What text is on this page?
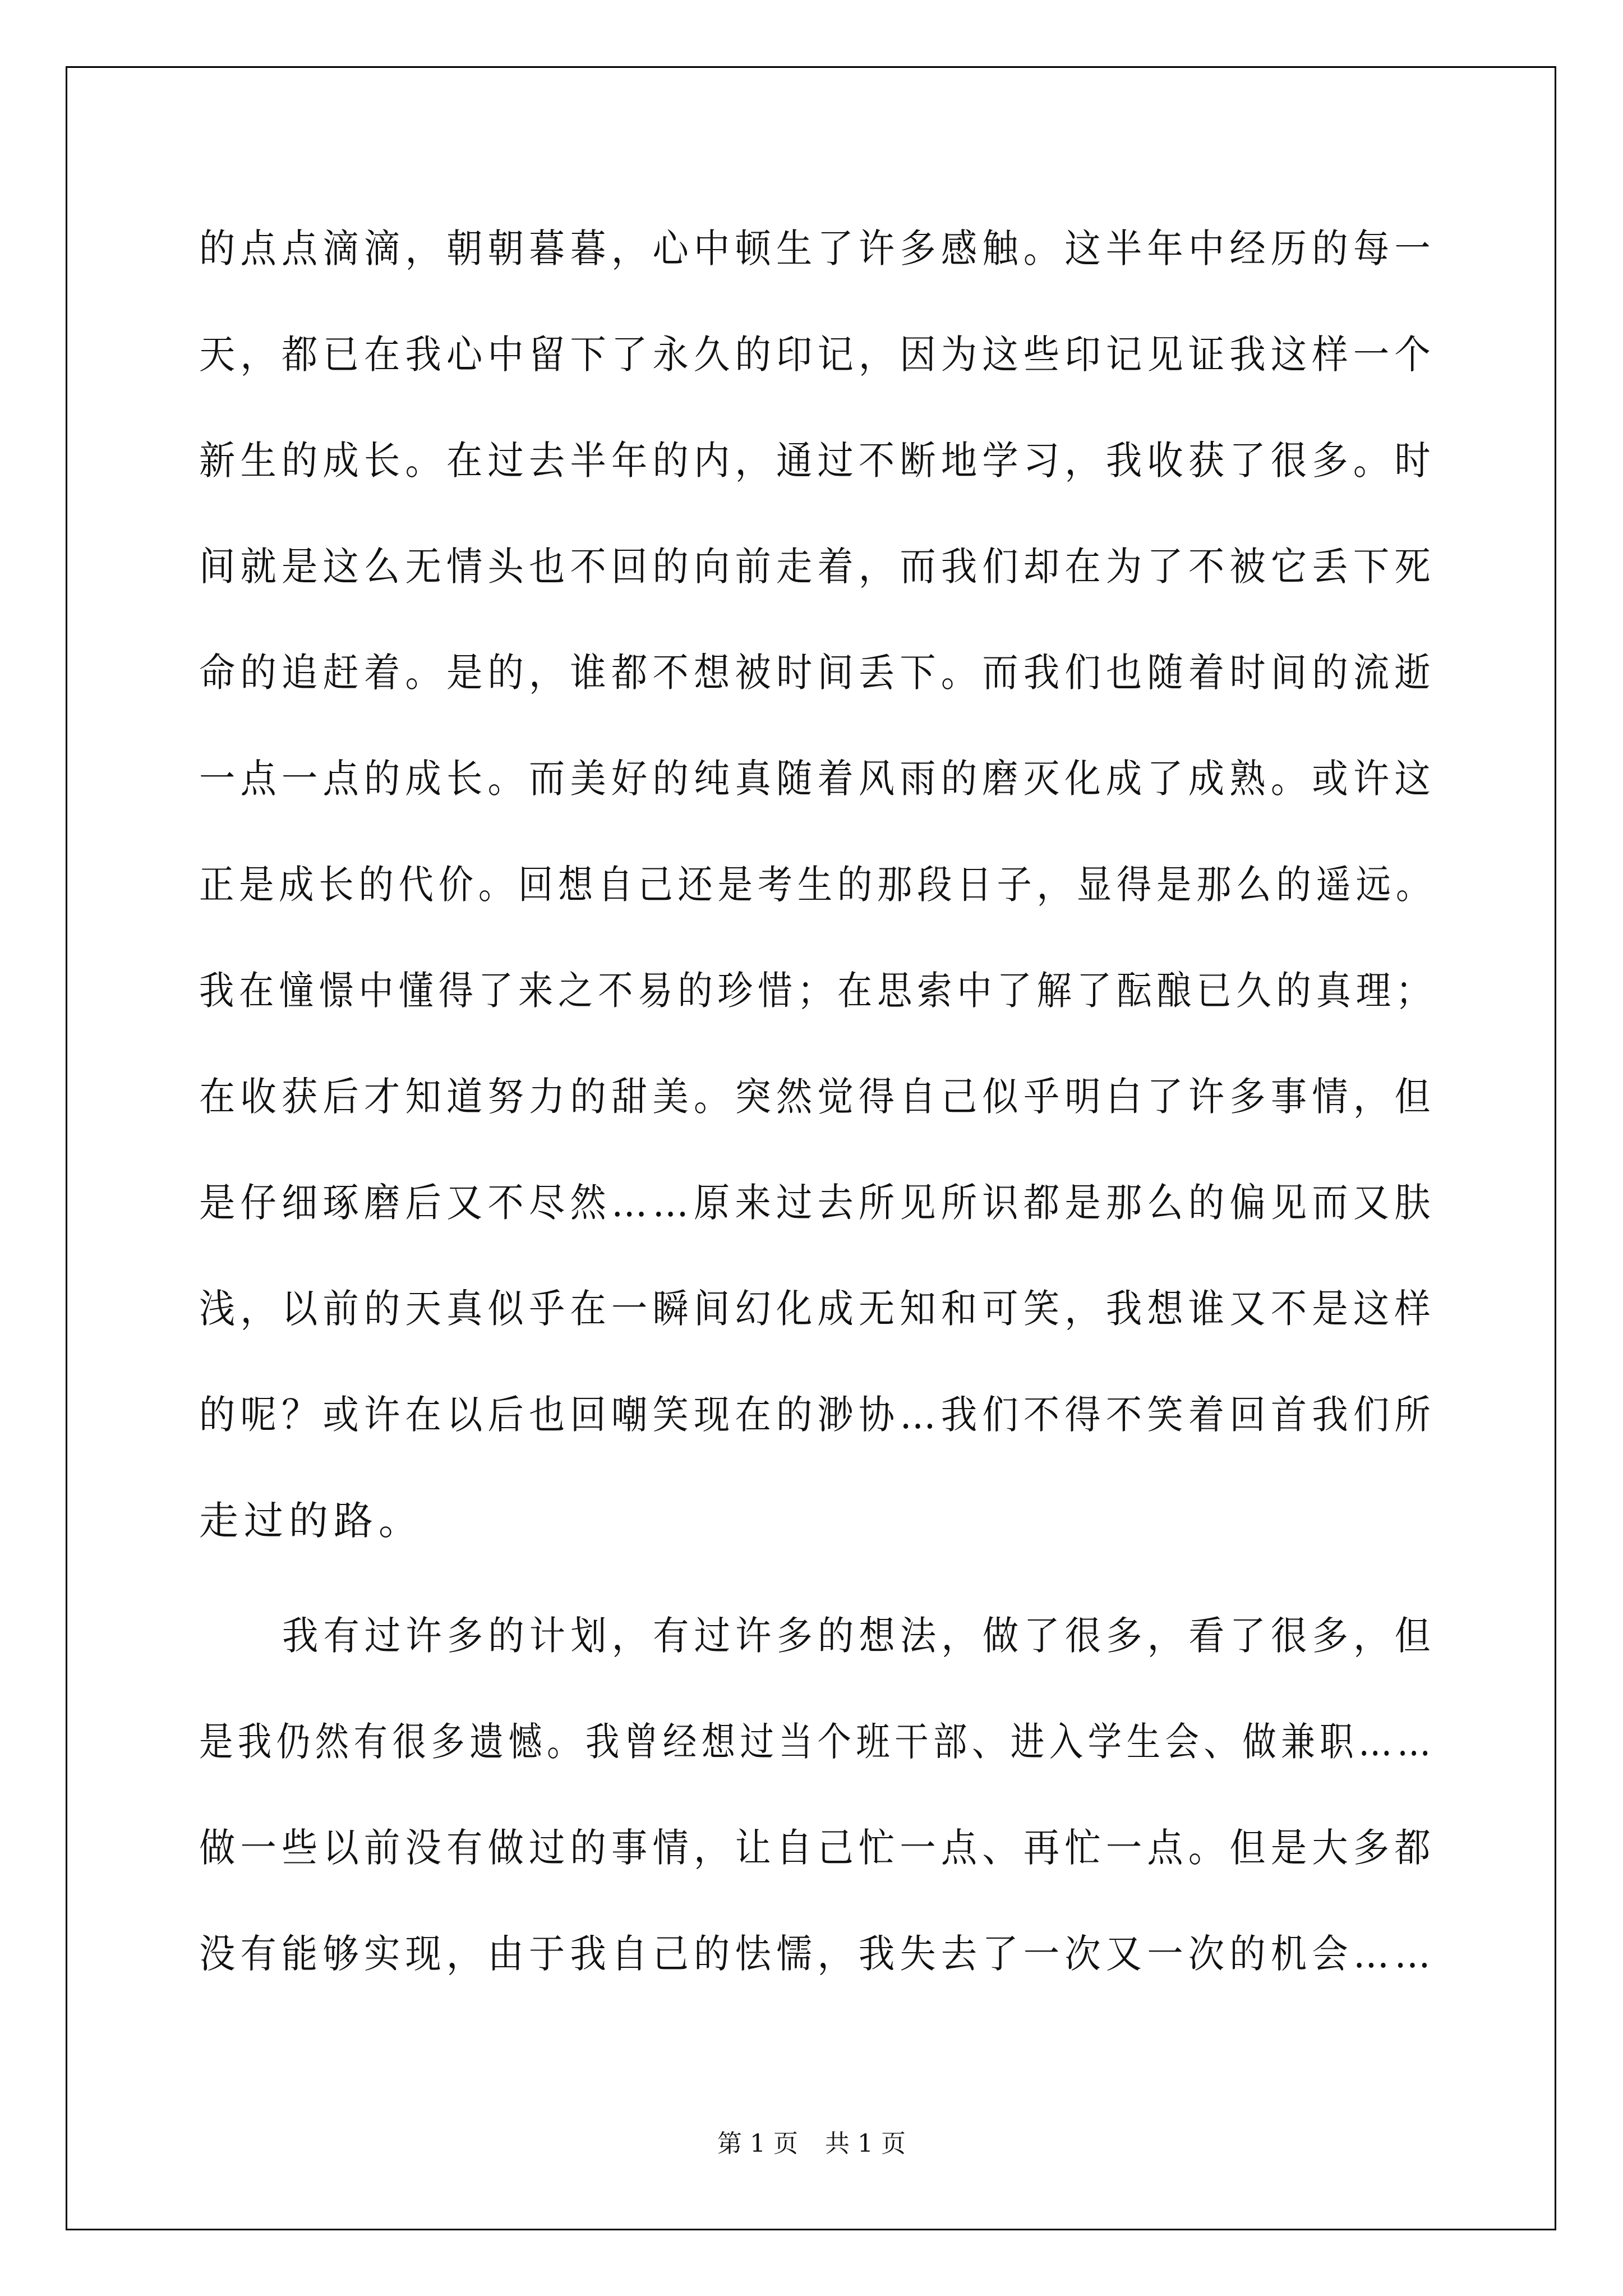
的点点滴滴，朝朝暮暮，心中顿生了许多感触。这半年中经历的每一
天，都已在我心中留下了永久的印记，因为这些印记见证我这样一个
新生的成长。在过去半年的内，通过不断地学习，我收获了很多。时
间就是这么无情头也不回的向前走着，而我们却在为了不被它丢下死
命的追赶着。是的，谁都不想被时间丢下。而我们也随着时间的流逝
一点一点的成长。而美好的纯真随着风雨的磨灭化成了成熟。或许这
正是成长的代价。回想自己还是考生的那段日子，显得是那么的遥远。
我在憧憬中懂得了来之不易的珍惜；在思索中了解了酝酿已久的真理；
在收获后才知道努力的甜美。突然觉得自己似乎明白了许多事情，但
是仔细琢磨后又不尽然……原来过去所见所识都是那么的偏见而又肤
浅，以前的天真似乎在一瞬间幻化成无知和可笑，我想谁又不是这样
的呢？或许在以后也回嘲笑现在的渺协…我们不得不笑着回首我们所
走过的路。
我有过许多的计划，有过许多的想法，做了很多，看了很多，但
是我仍然有很多遗憾。我曾经想过当个班干部、进入学生会、做兼职……
做一些以前没有做过的事情，让自己忙一点、再忙一点。但是大多都
没有能够实现，由于我自己的怯懦，我失去了一次又一次的机会……
第 1 页 共 1 页
